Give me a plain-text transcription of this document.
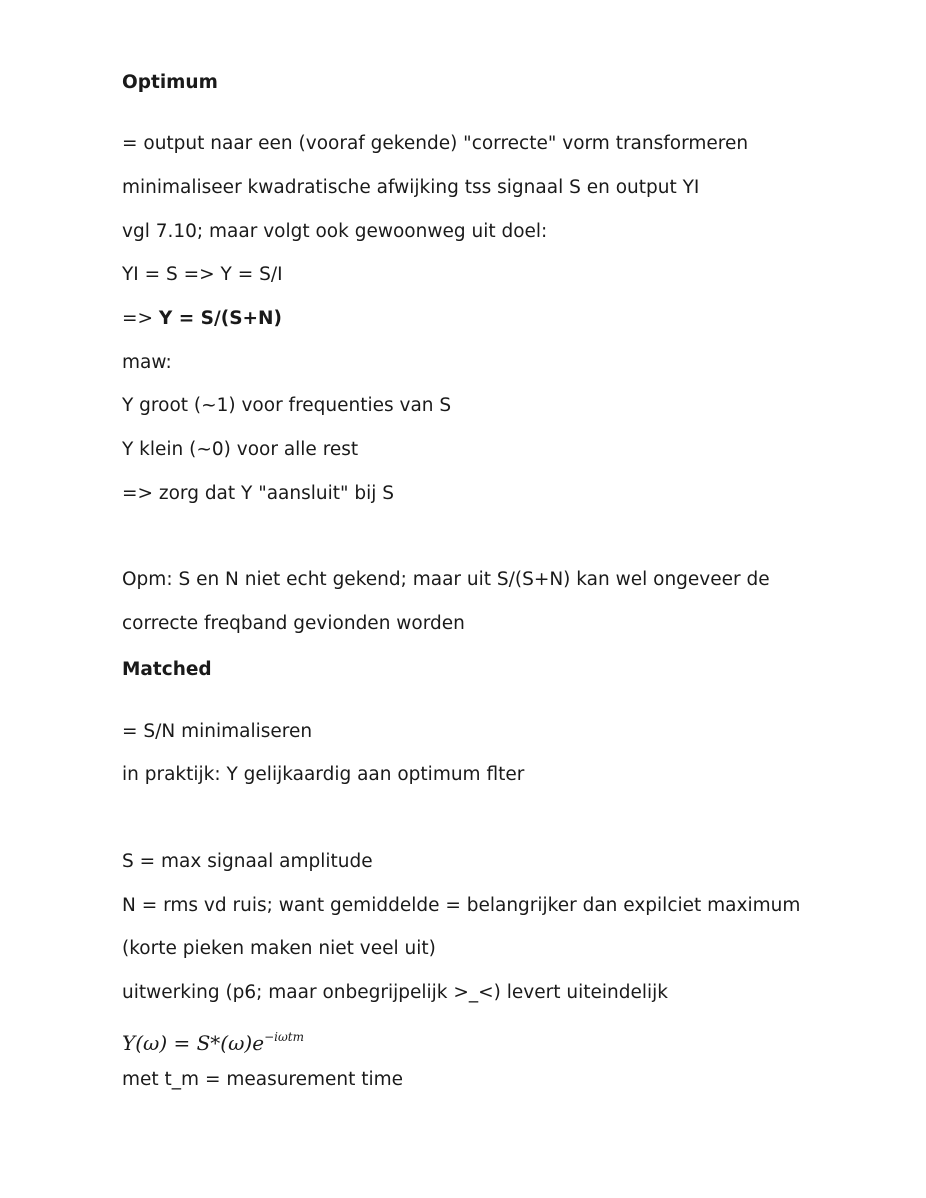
Optimum
= output naar een (vooraf gekende) "correcte" vorm transformeren
minimaliseer kwadratische afwijking tss signaal S en output YI
vgl 7.10; maar volgt ook gewoonweg uit doel:
YI = S => Y = S/I
=> Y = S/(S+N)
maw:
Y groot (~1) voor frequenties van S
Y klein (~0) voor alle rest
=> zorg dat Y "aansluit" bij S
Opm: S en N niet echt gekend; maar uit S/(S+N) kan wel ongeveer de
correcte freqband gevionden worden
Matched
= S/N minimaliseren
in praktijk: Y gelijkaardig aan optimum flter
S = max signaal amplitude
N = rms vd ruis; want gemiddelde = belangrijker dan expilciet maximum
(korte pieken maken niet veel uit)
uitwerking (p6; maar onbegrijpelijk >_<) levert uiteindelijk
$Y(\omega) = S*(\omega)e^{-i\omega tm}$
met t_m = measurement time
